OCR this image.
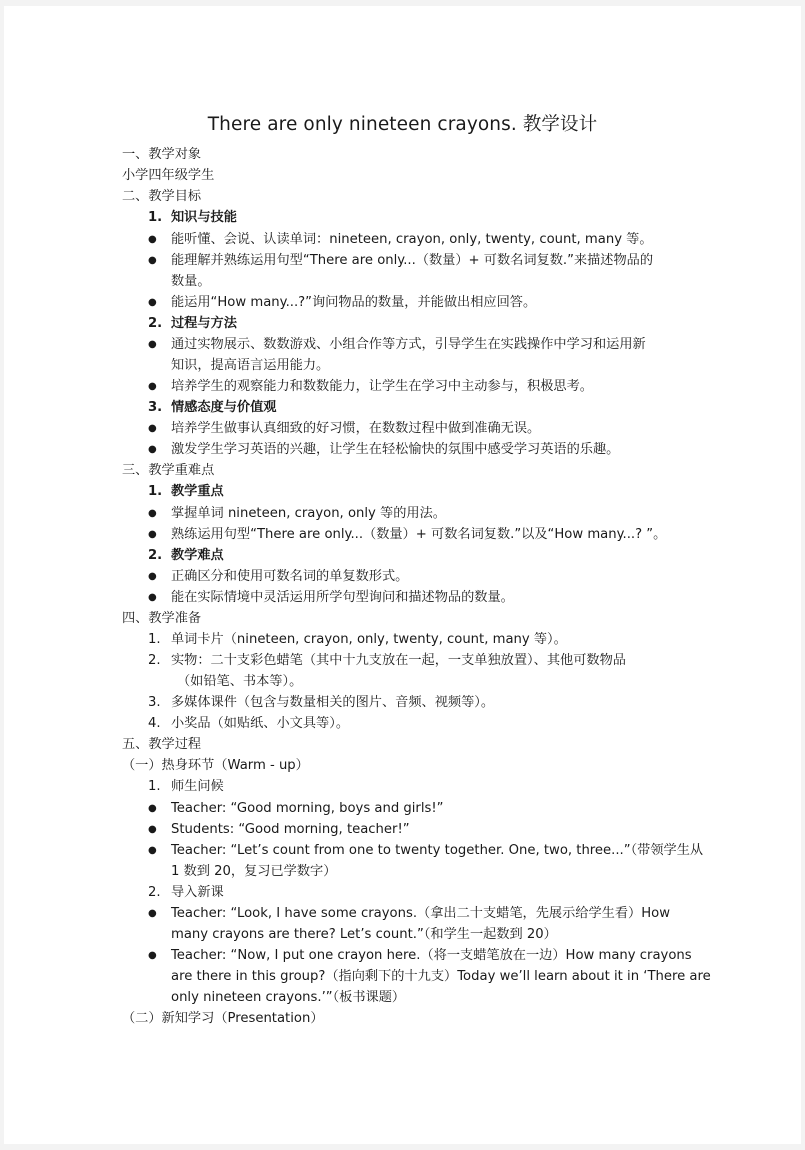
There are only nineteen crayons. 教学设计
一、教学对象
小学四年级学生
二、教学目标
1. 知识与技能
● 能听懂、会说、认读单词：nineteen, crayon, only, twenty, count, many 等。
● 能理解并熟练运用句型“There are only...（数量）+ 可数名词复数.”来描述物品的
数量。
● 能运用“How many...?”询问物品的数量，并能做出相应回答。
2. 过程与方法
● 通过实物展示、数数游戏、小组合作等方式，引导学生在实践操作中学习和运用新
知识，提高语言运用能力。
● 培养学生的观察能力和数数能力，让学生在学习中主动参与，积极思考。
3. 情感态度与价值观
● 培养学生做事认真细致的好习惯，在数数过程中做到准确无误。
● 激发学生学习英语的兴趣，让学生在轻松愉快的氛围中感受学习英语的乐趣。
三、教学重难点
1. 教学重点
● 掌握单词 nineteen, crayon, only 等的用法。
● 熟练运用句型“There are only...（数量）+ 可数名词复数.”以及“How many...? ”。
2. 教学难点
● 正确区分和使用可数名词的单复数形式。
● 能在实际情境中灵活运用所学句型询问和描述物品的数量。
四、教学准备
1. 单词卡片（nineteen, crayon, only, twenty, count, many 等）。
2. 实物：二十支彩色蜡笔（其中十九支放在一起，一支单独放置）、其他可数物品
（如铅笔、书本等）。
3. 多媒体课件（包含与数量相关的图片、音频、视频等）。
4. 小奖品（如贴纸、小文具等）。
五、教学过程
（一）热身环节（Warm - up）
1. 师生问候
● Teacher: “Good morning, boys and girls!”
● Students: “Good morning, teacher!”
● Teacher: “Let’s count from one to twenty together. One, two, three...”（带领学生从
1 数到 20，复习已学数字）
2. 导入新课
● Teacher: “Look, I have some crayons.（拿出二十支蜡笔，先展示给学生看）How
many crayons are there? Let’s count.”（和学生一起数到 20）
● Teacher: “Now, I put one crayon here.（将一支蜡笔放在一边）How many crayons
are there in this group?（指向剩下的十九支）Today we’ll learn about it in ‘There are
only nineteen crayons.’”（板书课题）
（二）新知学习（Presentation）
